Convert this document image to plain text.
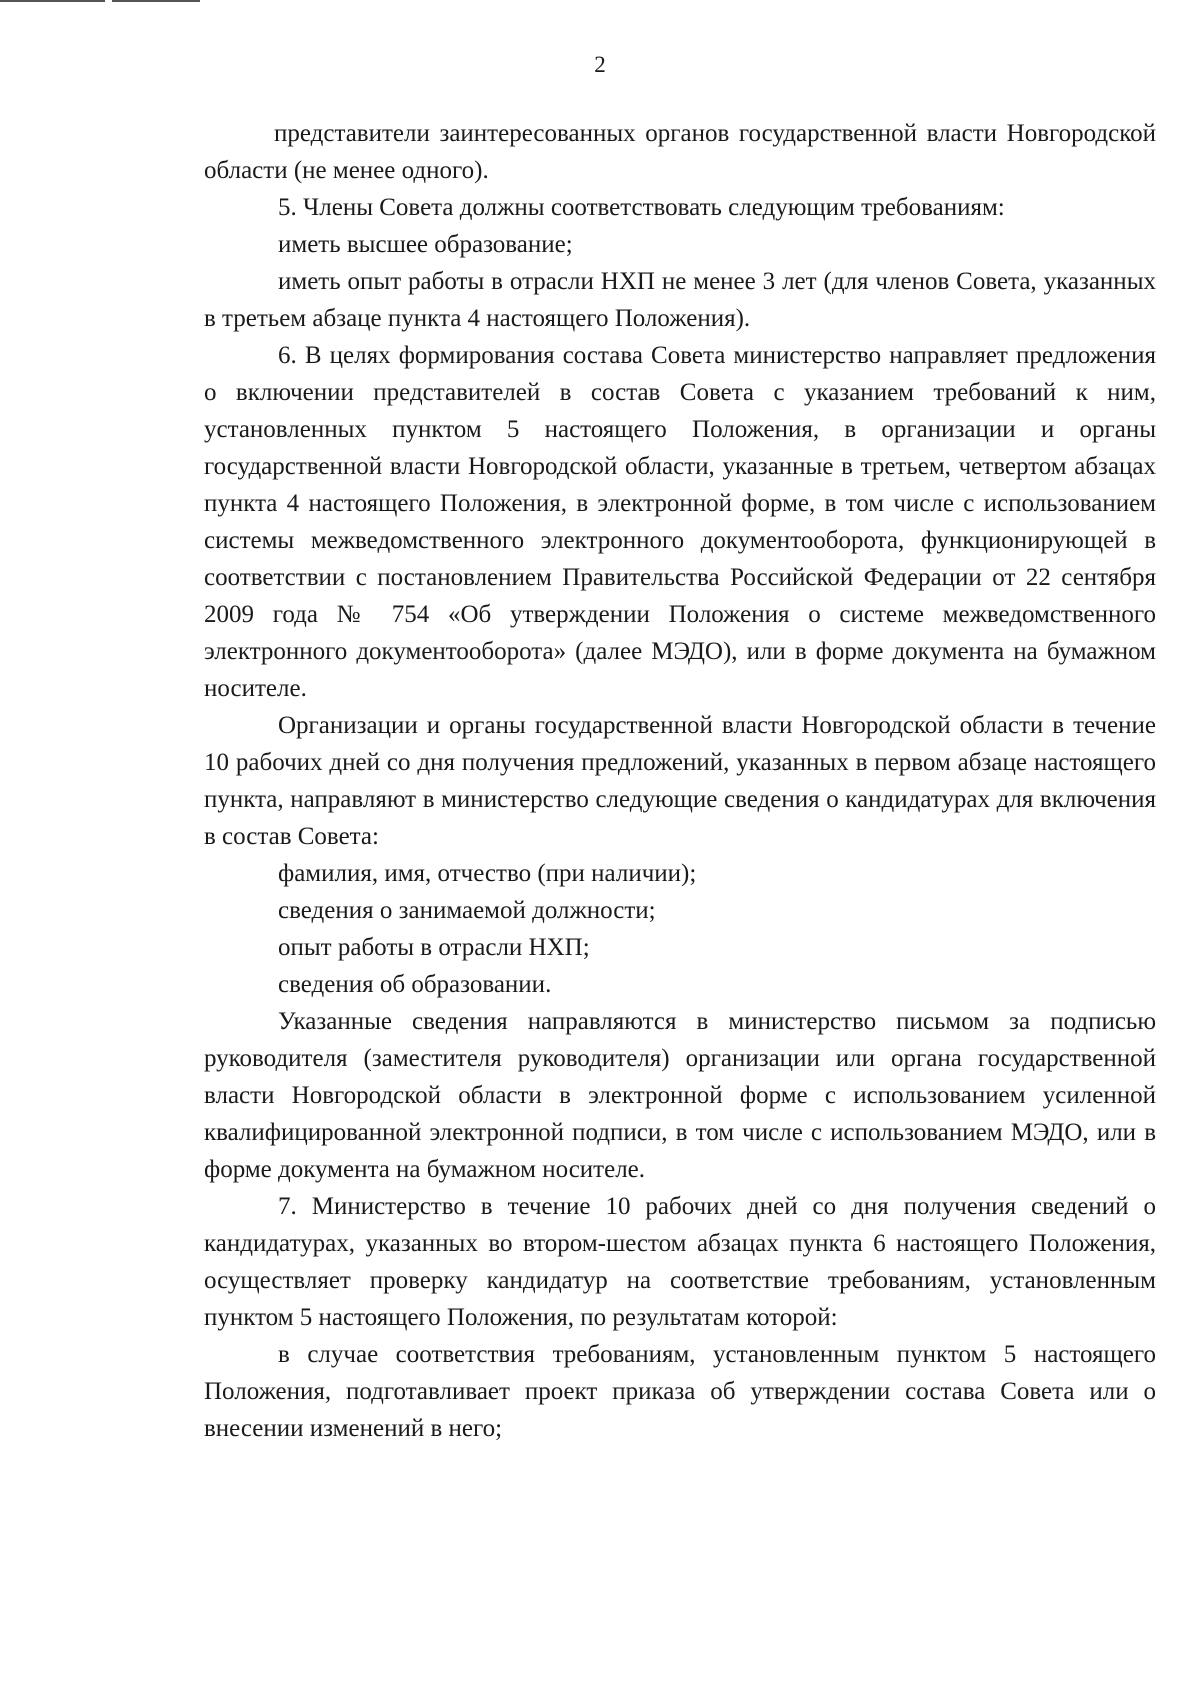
2

представители заинтересованных органов государственной власти Новгородской области (не менее одного).

5. Члены Совета должны соответствовать следующим требованиям:

иметь высшее образование;

иметь опыт работы в отрасли НХП не менее 3 лет (для членов Совета, указанных в третьем абзаце пункта 4 настоящего Положения).

6. В целях формирования состава Совета министерство направляет предложения о включении представителей в состав Совета с указанием требований к ним, установленных пунктом 5 настоящего Положения, в организации и органы государственной власти Новгородской области, указанные в третьем, четвертом абзацах пункта 4 настоящего Положения, в электронной форме, в том числе с использованием системы межведомственного электронного документооборота, функционирующей в соответствии с постановлением Правительства Российской Федерации от 22 сентября 2009 года № 754 «Об утверждении Положения о системе межведомственного электронного документооборота» (далее МЭДО), или в форме документа на бумажном носителе.

Организации и органы государственной власти Новгородской области в течение 10 рабочих дней со дня получения предложений, указанных в первом абзаце настоящего пункта, направляют в министерство следующие сведения о кандидатурах для включения в состав Совета:

фамилия, имя, отчество (при наличии);

сведения о занимаемой должности;

опыт работы в отрасли НХП;

сведения об образовании.

Указанные сведения направляются в министерство письмом за подписью руководителя (заместителя руководителя) организации или органа государственной власти Новгородской области в электронной форме с использованием усиленной квалифицированной электронной подписи, в том числе с использованием МЭДО, или в форме документа на бумажном носителе.

7. Министерство в течение 10 рабочих дней со дня получения сведений о кандидатурах, указанных во втором-шестом абзацах пункта 6 настоящего Положения, осуществляет проверку кандидатур на соответствие требованиям, установленным пунктом 5 настоящего Положения, по результатам которой:

в случае соответствия требованиям, установленным пунктом 5 настоящего Положения, подготавливает проект приказа об утверждении состава Совета или о внесении изменений в него;
